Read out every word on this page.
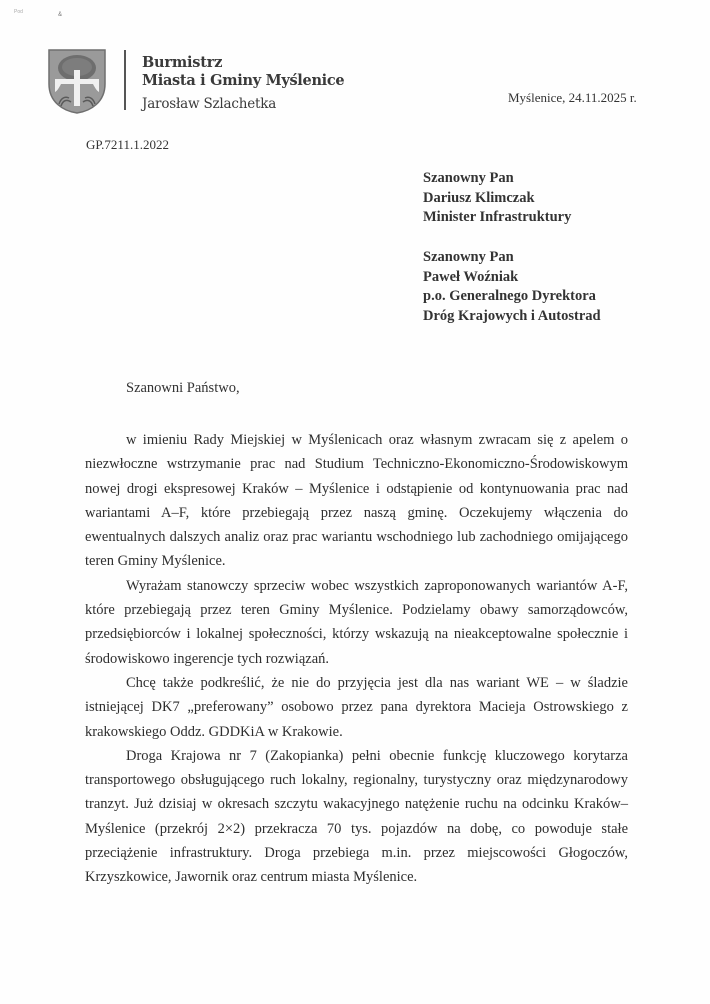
Pod	&
Burmistrz
Miasta i Gminy Myślenice
Jarosław Szlachetka	Myślenice, 24.11.2025 r.
GP.7211.1.2022
Szanowny Pan
Dariusz Klimczak
Minister Infrastruktury
Szanowny Pan
Paweł Woźniak
p.o. Generalnego Dyrektora
Dróg Krajowych i Autostrad
Szanowni Państwo,

w imieniu Rady Miejskiej w Myślenicach oraz własnym zwracam się z apelem o niezwłoczne wstrzymanie prac nad Studium Techniczno-Ekonomiczno-Środowiskowym nowej drogi ekspresowej Kraków – Myślenice i odstąpienie od kontynuowania prac nad wariantami A–F, które przebiegają przez naszą gminę. Oczekujemy włączenia do ewentualnych dalszych analiz oraz prac wariantu wschodniego lub zachodniego omijającego teren Gminy Myślenice.

Wyrażam stanowczy sprzeciw wobec wszystkich zaproponowanych wariantów A-F, które przebiegają przez teren Gminy Myślenice. Podzielamy obawy samorządowców, przedsiębiorców i lokalnej społeczności, którzy wskazują na nieakceptowalne społecznie i środowiskowo ingerencje tych rozwiązań.

Chcę także podkreślić, że nie do przyjęcia jest dla nas wariant WE – w śladzie istniejącej DK7 „preferowany” osobowo przez pana dyrektora Macieja Ostrowskiego z krakowskiego Oddz. GDDKiA w Krakowie.

Droga Krajowa nr 7 (Zakopianka) pełni obecnie funkcję kluczowego korytarza transportowego obsługującego ruch lokalny, regionalny, turystyczny oraz międzynarodowy tranzyt. Już dzisiaj w okresach szczytu wakacyjnego natężenie ruchu na odcinku Kraków–Myślenice (przekrój 2×2) przekracza 70 tys. pojazdów na dobę, co powoduje stałe przeciążenie infrastruktury. Droga przebiega m.in. przez miejscowości Głogoczów, Krzyszkowice, Jawornik oraz centrum miasta Myślenice.
